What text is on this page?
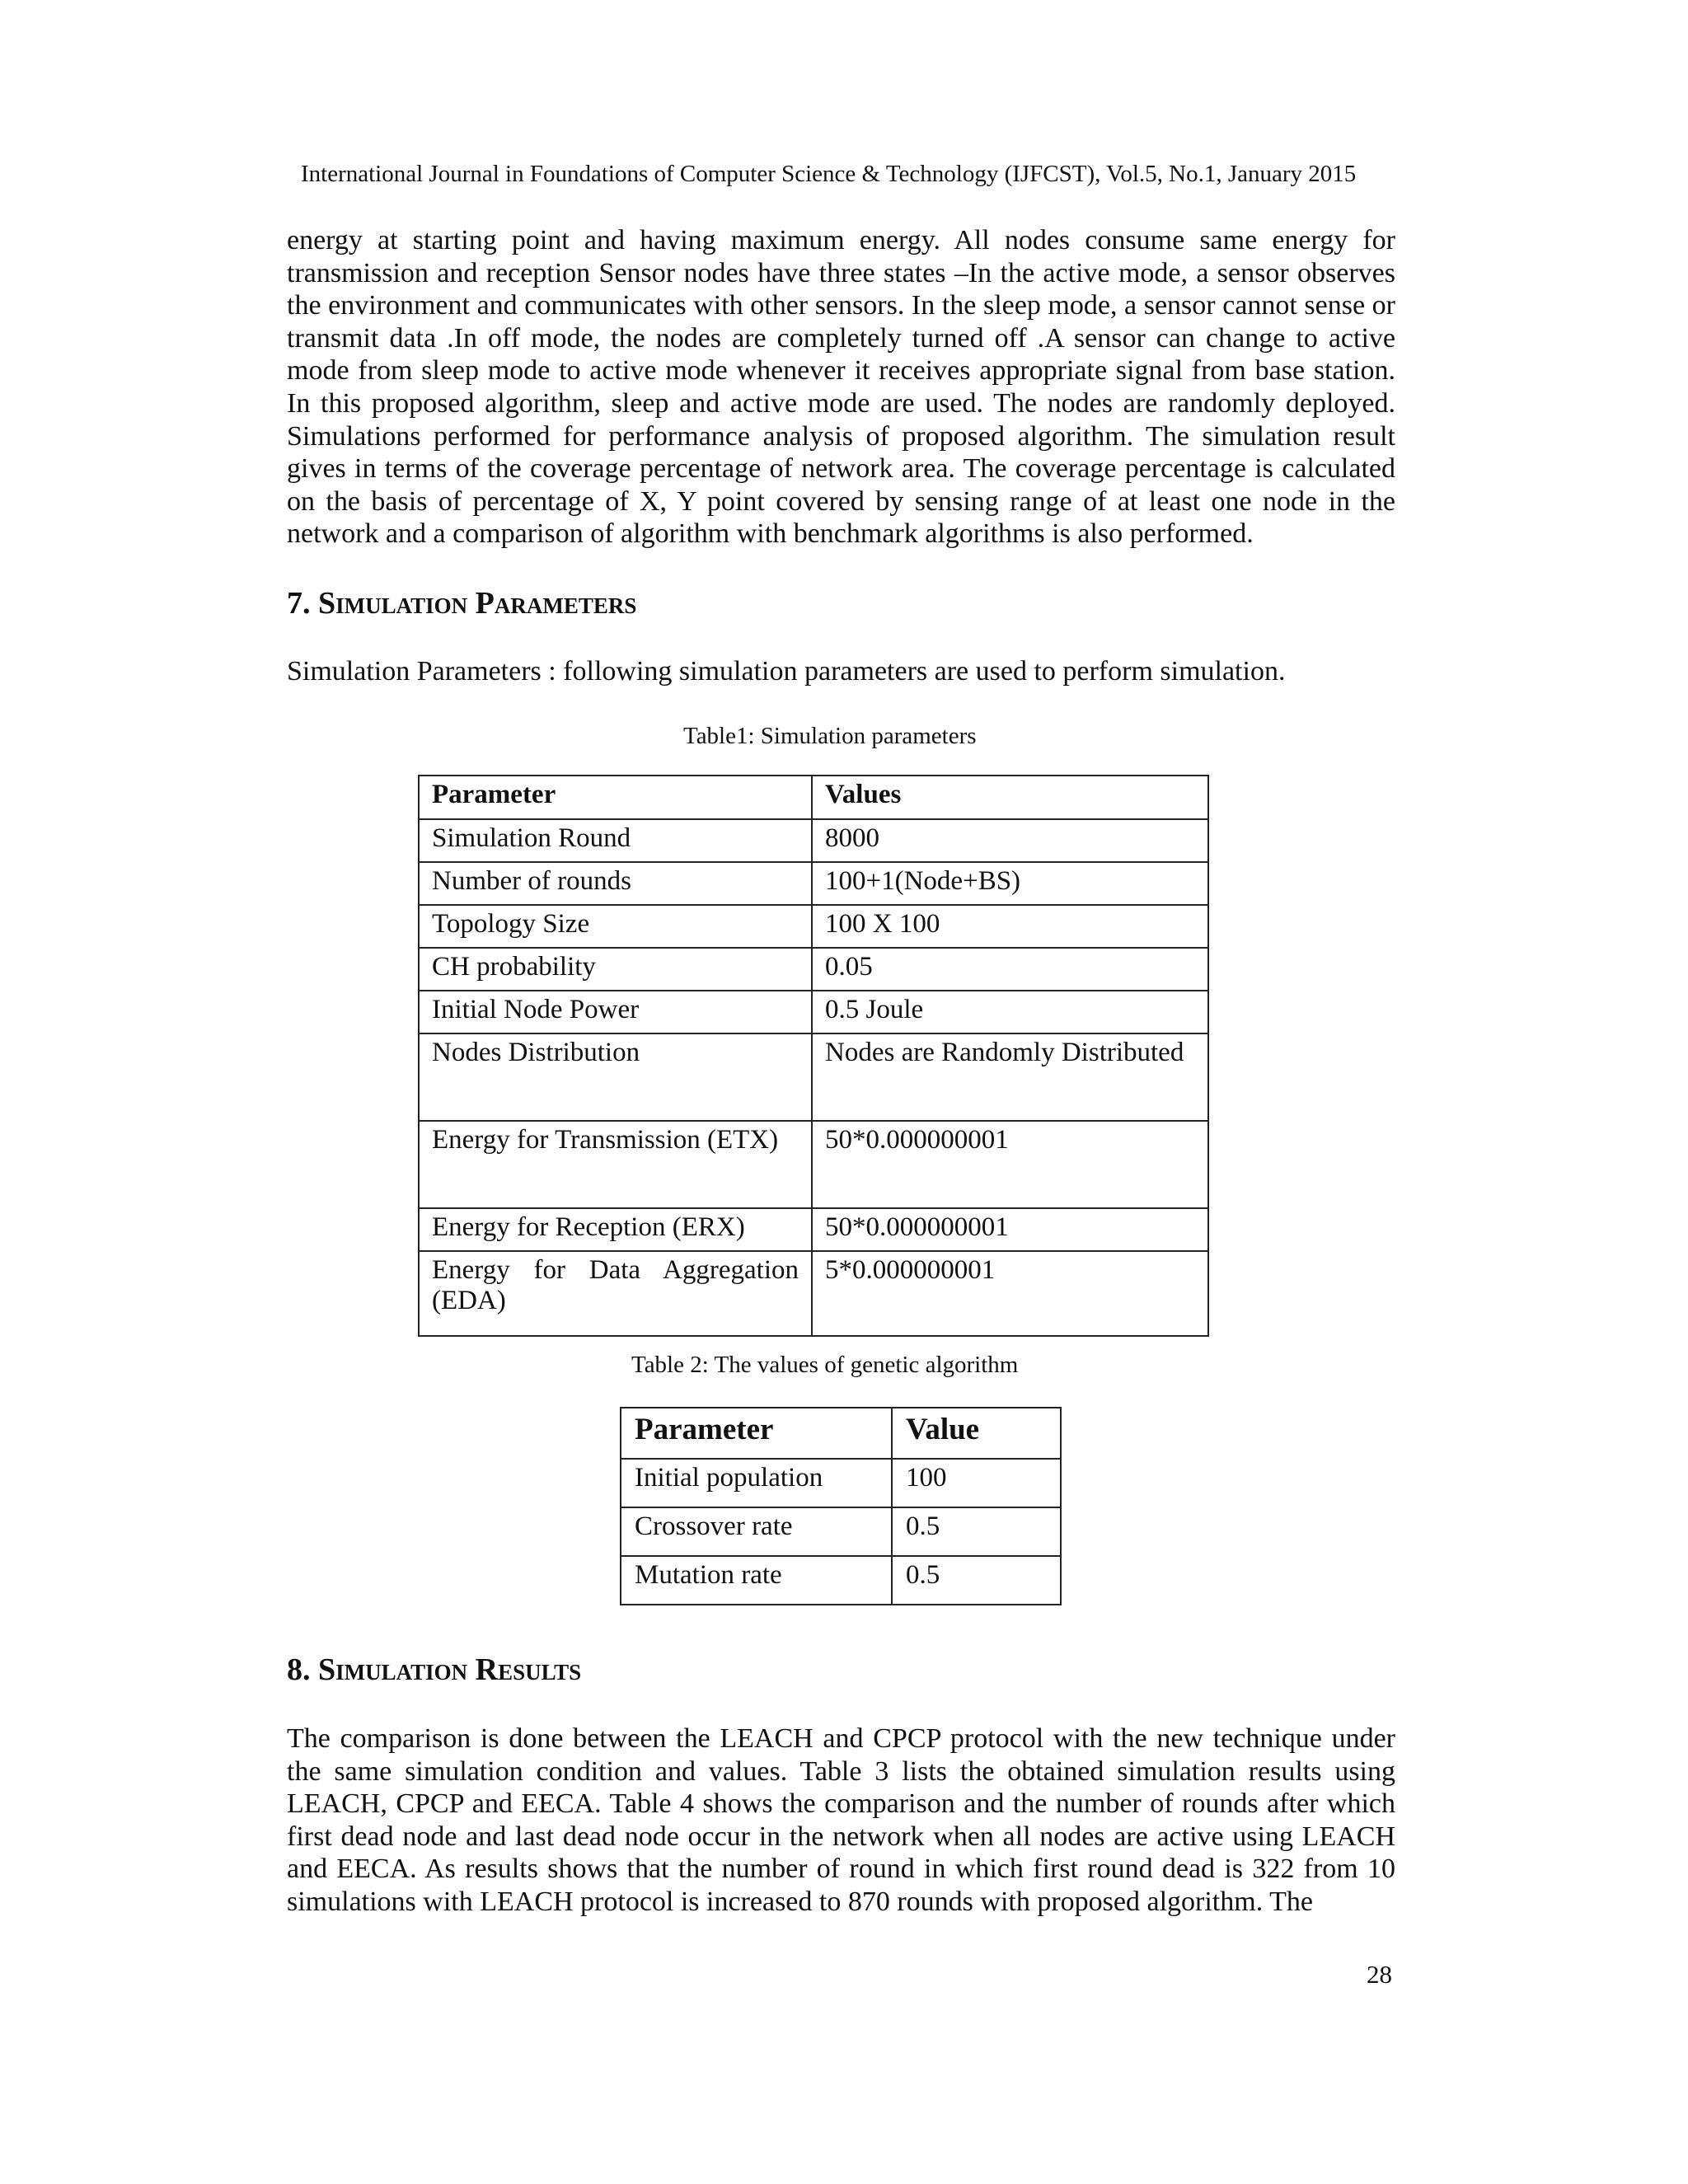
International Journal in Foundations of Computer Science & Technology (IJFCST), Vol.5, No.1, January 2015

energy at starting point and having maximum energy. All nodes consume same energy for transmission and reception Sensor nodes have three states –In the active mode, a sensor observes the environment and communicates with other sensors. In the sleep mode, a sensor cannot sense or transmit data .In off mode, the nodes are completely turned off .A sensor can change to active mode from sleep mode to active mode whenever it receives appropriate signal from base station. In this proposed algorithm, sleep and active mode are used. The nodes are randomly deployed. Simulations performed for performance analysis of proposed algorithm. The simulation result gives in terms of the coverage percentage of network area. The coverage percentage is calculated on the basis of percentage of X, Y point covered by sensing range of at least one node in the network and a comparison of algorithm with benchmark algorithms is also performed.

7. Simulation Parameters

Simulation Parameters : following simulation parameters are used to perform simulation.

Table1: Simulation parameters
Parameter	Values
Simulation Round	8000
Number of rounds	100+1(Node+BS)
Topology Size	100 X 100
CH probability	0.05
Initial Node Power	0.5 Joule
Nodes Distribution	Nodes are Randomly Distributed
Energy for Transmission (ETX)	50*0.000000001
Energy for Reception (ERX)	50*0.000000001

Energy for Data Aggregation
(EDA)	5*0.000000001
Table 2: The values of genetic algorithm
Parameter	Value
Initial population	100
Crossover rate	0.5
Mutation rate	0.5
8. Simulation Results

The comparison is done between the LEACH and CPCP protocol with the new technique under the same simulation condition and values. Table 3 lists the obtained simulation results using LEACH, CPCP and EECA. Table 4 shows the comparison and the number of rounds after which first dead node and last dead node occur in the network when all nodes are active using LEACH and EECA. As results shows that the number of round in which first round dead is 322 from 10 simulations with LEACH protocol is increased to 870 rounds with proposed algorithm. The

28
